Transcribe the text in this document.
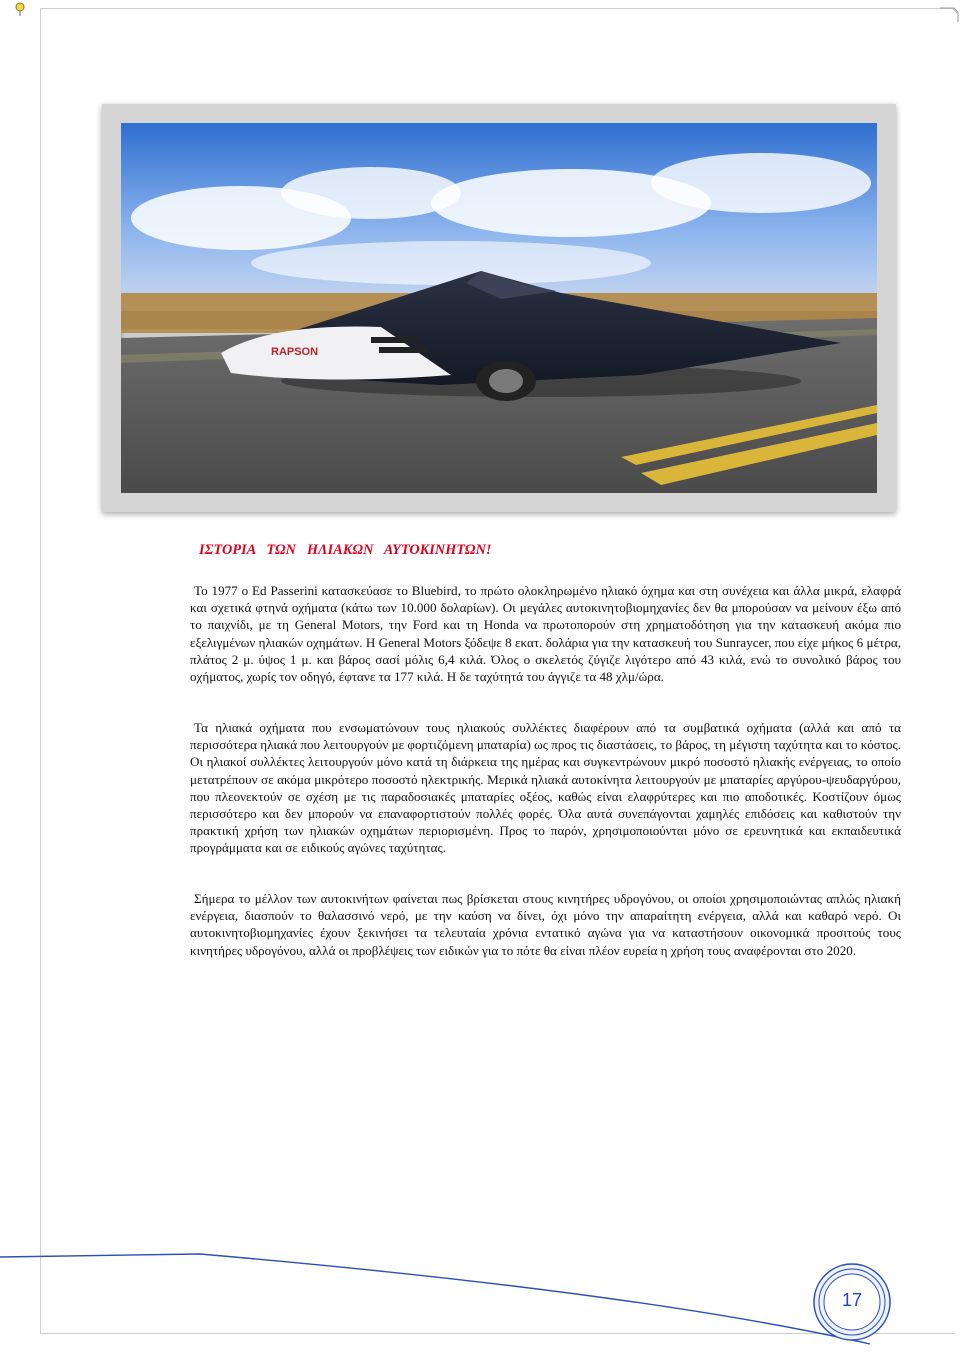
RAPSON

ΙΣΤΟΡΙΑ   ΤΩΝ   ΗΛΙΑΚΩΝ   ΑΥΤΟΚΙΝΗΤΩΝ!

Το 1977 ο Ed Passerini κατασκεύασε το Bluebird, το πρώτο ολοκληρωμένο ηλιακό όχημα και στη συνέχεια και άλλα μικρά, ελαφρά και σχετικά φτηνά οχήματα (κάτω των 10.000 δολαρίων). Οι μεγάλες αυτοκινητοβιομηχανίες δεν θα μπορούσαν να μείνουν έξω από το παιχνίδι, με τη General Motors, την Ford και τη Honda να πρωτοπορούν στη χρηματοδότηση για την κατασκευή ακόμα πιο εξελιγμένων ηλιακών οχημάτων. Η General Motors ξόδεψε 8 εκατ. δολάρια για την κατασκευή του Sunraycer, που είχε μήκος 6 μέτρα, πλάτος 2 μ. ύψος 1 μ. και βάρος σασί μόλις 6,4 κιλά. Όλος ο σκελετός ζύγιζε λιγότερο από 43 κιλά, ενώ το συνολικό βάρος του οχήματος, χωρίς τον οδηγό, έφτανε τα 177 κιλά. Η δε ταχύτητά του άγγιζε τα 48 χλμ/ώρα.

Τα ηλιακά οχήματα που ενσωματώνουν τους ηλιακούς συλλέκτες διαφέρουν από τα συμβατικά οχήματα (αλλά και από τα περισσότερα ηλιακά που λειτουργούν με φορτιζόμενη μπαταρία) ως προς τις διαστάσεις, το βάρος, τη μέγιστη ταχύτητα και το κόστος. Οι ηλιακοί συλλέκτες λειτουργούν μόνο κατά τη διάρκεια της ημέρας και συγκεντρώνουν μικρό ποσοστό ηλιακής ενέργειας, το οποίο μετατρέπουν σε ακόμα μικρότερο ποσοστό ηλεκτρικής. Μερικά ηλιακά αυτοκίνητα λειτουργούν με μπαταρίες αργύρου-ψευδαργύρου, που πλεονεκτούν σε σχέση με τις παραδοσιακές μπαταρίες οξέος, καθώς είναι ελαφρύτερες και πιο αποδοτικές. Κοστίζουν όμως περισσότερο και δεν μπορούν να επαναφορτιστούν πολλές φορές. Όλα αυτά συνεπάγονται χαμηλές επιδόσεις και καθιστούν την πρακτική χρήση των ηλιακών οχημάτων περιορισμένη. Προς το παρόν, χρησιμοποιούνται μόνο σε ερευνητικά και εκπαιδευτικά προγράμματα και σε ειδικούς αγώνες ταχύτητας.

Σήμερα το μέλλον των αυτοκινήτων φαίνεται πως βρίσκεται στους κινητήρες υδρογόνου, οι οποίοι χρησιμοποιώντας απλώς ηλιακή ενέργεια, διασπούν το θαλασσινό νερό, με την καύση να δίνει, όχι μόνο την απαραίτητη ενέργεια, αλλά και καθαρό νερό. Οι αυτοκινητοβιομηχανίες έχουν ξεκινήσει τα τελευταία χρόνια εντατικό αγώνα για να καταστήσουν οικονομικά προσιτούς τους κινητήρες υδρογόνου, αλλά οι προβλέψεις των ειδικών για το πότε θα είναι πλέον ευρεία η χρήση τους αναφέρονται στο 2020.

17
